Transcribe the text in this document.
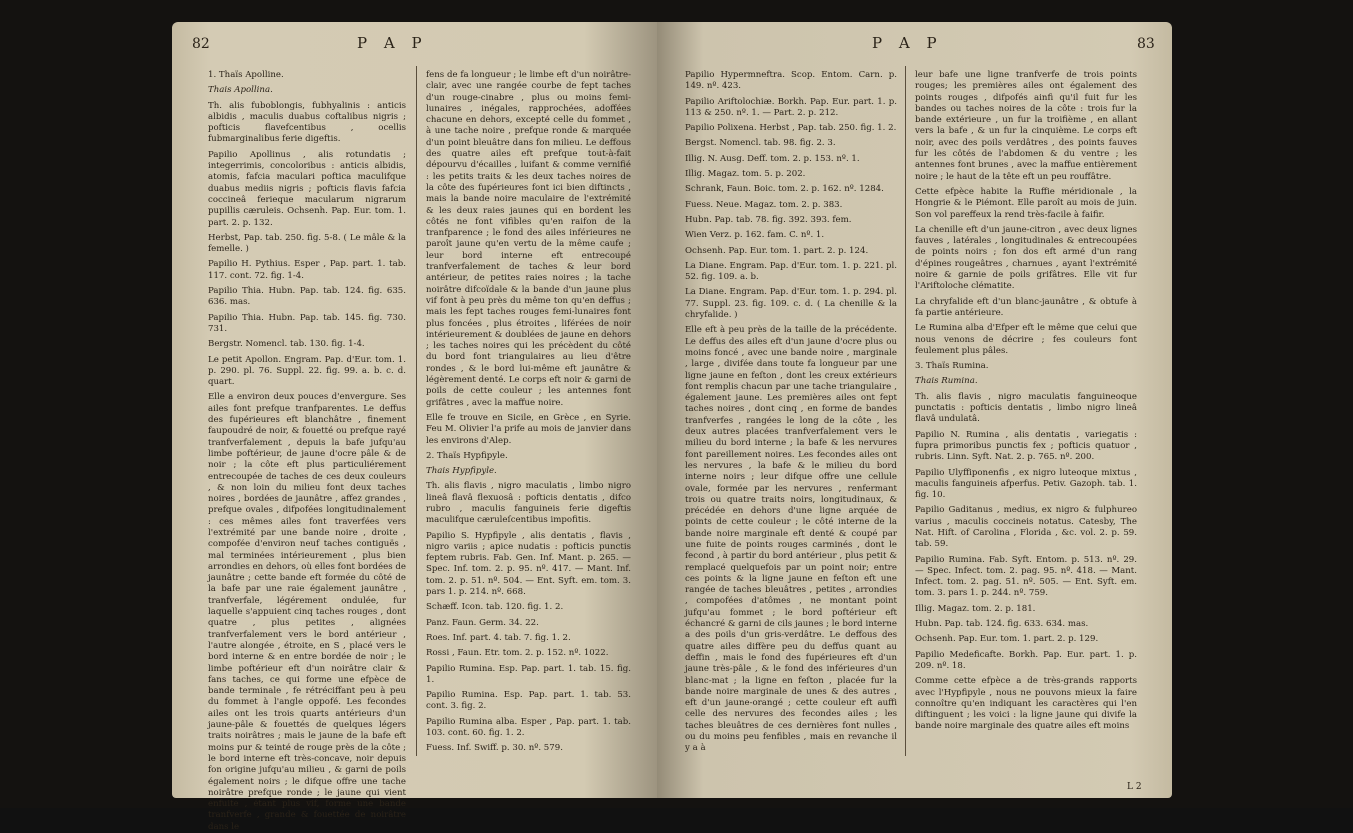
82	P A P

1. Thaïs Apolline.

Thais Apollina.

Th. alis fuboblongis, fubhyalinis : anticis albidis , maculis duabus coftalibus nigris ; pofticis flavefcentibus , ocellis fubmarginalibus ferie digeftis.

Papilio Apollinus , alis rotundatis ; integerrimis, concoloribus : anticis albidis, atomis, fafcia maculari poftica maculifque duabus mediis nigris ; pofticis flavis fafcia coccineâ ferieque macularum nigrarum pupillis cæruleis. Ochsenh. Pap. Eur. tom. 1. part. 2. p. 132.

Herbst, Pap. tab. 250. fig. 5-8. ( Le mâle & la femelle. )

Papilio H. Pythius. Esper , Pap. part. 1. tab. 117. cont. 72. fig. 1-4.

Papilio Thia. Hubn. Pap. tab. 124. fig. 635. 636. mas.

Papilio Thia. Hubn. Pap. tab. 145. fig. 730. 731.

Bergstr. Nomencl. tab. 130. fig. 1-4.

Le petit Apollon. Engram. Pap. d'Eur. tom. 1. p. 290. pl. 76. Suppl. 22. fig. 99. a. b. c. d. quart.

Elle a environ deux pouces d'envergure. Ses ailes font prefque tranfparentes. Le deffus des fupérieures eft blanchâtre , finement faupoudré de noir, & fouetté ou prefque rayé tranfverfalement , depuis la bafe jufqu'au limbe poftérieur, de jaune d'ocre pâle & de noir ; la côte eft plus particuliérement entrecoupée de taches de ces deux couleurs , & non loin du milieu font deux taches noires , bordées de jaunâtre , affez grandes , prefque ovales , difpofées longitudinalement : ces mêmes ailes font traverfées vers l'extrémité par une bande noire , droite , compofée d'environ neuf taches contiguës , mal terminées intérieurement , plus bien arrondies en dehors, où elles font bordées de jaunâtre ; cette bande eft formée du côté de la bafe par une raie également jaunâtre , tranfverfale, légérement ondulée, fur laquelle s'appuient cinq taches rouges , dont quatre , plus petites , alignées tranfverfalement vers le bord antérieur , l'autre alongée , étroite, en S , placé vers le bord interne & en entre bordée de noir ; le limbe poftérieur eft d'un noirâtre clair & fans taches, ce qui forme une efpèce de bande terminale , fe rétréciffant peu à peu du fommet à l'angle oppofé. Les fecondes ailes ont les trois quarts antérieurs d'un jaune-pâle & fouettés de quelques légers traits noirâtres ; mais le jaune de la bafe eft moins pur & teinté de rouge près de la côte ; le bord interne eft très-concave, noir depuis fon origine jufqu'au milieu , & garni de poils également noirs ; le difque offre une tache noirâtre prefque ronde ; le jaune qui vient enfuite , étant plus vif, forme une bande tranfverfe , grande & fouettée de noirâtre dans le

fens de fa longueur ; le limbe eft d'un noirâtre-clair, avec une rangée courbe de fept taches d'un rouge-cinabre , plus ou moins femi-lunaires , inégales, rapprochées, adoffées chacune en dehors, excepté celle du fommet , à une tache noire , prefque ronde & marquée d'un point bleuâtre dans fon milieu. Le deffous des quatre ailes eft prefque tout-à-fait dépourvu d'écailles , luifant & comme vernifié : les petits traits & les deux taches noires de la côte des fupérieures font ici bien diftincts , mais la bande noire maculaire de l'extrémité & les deux raies jaunes qui en bordent les côtés ne font vifibles qu'en raifon de la tranfparence ; le fond des ailes inférieures ne paroît jaune qu'en vertu de la même caufe ; leur bord interne eft entrecoupé tranfverfalement de taches & leur bord antérieur, de petites raies noires ; la tache noirâtre difcoïdale & la bande d'un jaune plus vif font à peu près du même ton qu'en deffus ; mais les fept taches rouges femi-lunaires font plus foncées , plus étroites , liférées de noir intérieurement & doublées de jaune en dehors ; les taches noires qui les précèdent du côté du bord font triangulaires au lieu d'être rondes , & le bord lui-même eft jaunâtre & légèrement denté. Le corps eft noir & garni de poils de cette couleur ; les antennes font grifâtres , avec la maffue noire.

Elle fe trouve en Sicile, en Grèce , en Syrie. Feu M. Olivier l'a prife au mois de janvier dans les environs d'Alep.

2. Thaïs Hypfipyle.

Thais Hypfipyle.

Th. alis flavis , nigro maculatis , limbo nigro lineâ flavâ flexuosâ : pofticis dentatis , difco rubro , maculis fanguineis ferie digeftis maculifque cæruleſcentibus impofitis.

Papilio S. Hypfipyle , alis dentatis , flavis , nigro variis ; apice nudatis : pofticis punctis feptem rubris. Fab. Gen. Inf. Mant. p. 265. — Spec. Inf. tom. 2. p. 95. nº. 417. — Mant. Inf. tom. 2. p. 51. nº. 504. — Ent. Syft. em. tom. 3. pars 1. p. 214. nº. 668.

Schæff. Icon. tab. 120. fig. 1. 2.

Panz. Faun. Germ. 34. 22.

Roes. Inf. part. 4. tab. 7. fig. 1. 2.

Rossi , Faun. Etr. tom. 2. p. 152. nº. 1022.

Papilio Rumina. Esp. Pap. part. 1. tab. 15. fig. 1.

Papilio Rumina. Esp. Pap. part. 1. tab. 53. cont. 3. fig. 2.

Papilio Rumina alba. Esper , Pap. part. 1. tab. 103. cont. 60. fig. 1. 2.

Fuess. Inf. Swiff. p. 30. nº. 579.

P A P	83

Papilio Hypermneftra. Scop. Entom. Carn. p. 149. nº. 423.

Papilio Ariftolochiæ. Borkh. Pap. Eur. part. 1. p. 113 & 250. nº. 1. — Part. 2. p. 212.

Papilio Polixena. Herbst , Pap. tab. 250. fig. 1. 2.

Bergst. Nomencl. tab. 98. fig. 2. 3.

Illig. N. Ausg. Deff. tom. 2. p. 153. nº. 1.

Illig. Magaz. tom. 5. p. 202.

Schrank, Faun. Boic. tom. 2. p. 162. nº. 1284.

Fuess. Neue. Magaz. tom. 2. p. 383.

Hubn. Pap. tab. 78. fig. 392. 393. fem.

Wien Verz. p. 162. fam. C. nº. 1.

Ochsenh. Pap. Eur. tom. 1. part. 2. p. 124.

La Diane. Engram. Pap. d'Eur. tom. 1. p. 221. pl. 52. fig. 109. a. b.

La Diane. Engram. Pap. d'Eur. tom. 1. p. 294. pl. 77. Suppl. 23. fig. 109. c. d. ( La chenille & la chryfalide. )

Elle eft à peu près de la taille de la précédente. Le deffus des ailes eft d'un jaune d'ocre plus ou moins foncé , avec une bande noire , marginale , large , divifée dans toute fa longueur par une ligne jaune en feſton , dont les creux extérieurs font remplis chacun par une tache triangulaire , également jaune. Les premières ailes ont fept taches noires , dont cinq , en forme de bandes tranfverfes , rangées le long de la côte , les deux autres placées tranfverfalement vers le milieu du bord interne ; la bafe & les nervures font pareillement noires. Les fecondes ailes ont les nervures , la bafe & le milieu du bord interne noirs ; leur difque offre une cellule ovale, formée par les nervures , renfermant trois ou quatre traits noirs, longitudinaux, & précédée en dehors d'une ligne arquée de points de cette couleur ; le côté interne de la bande noire marginale eft denté & coupé par une fuite de points rouges carminés , dont le fecond , à partir du bord antérieur , plus petit & remplacé quelquefois par un point noir; entre ces points & la ligne jaune en feſton eft une rangée de taches bleuâtres , petites , arrondies , compofées d'atômes , ne montant point jufqu'au fommet ; le bord poftérieur eft échancré & garni de cils jaunes ; le bord interne a des poils d'un gris-verdâtre. Le deffous des quatre ailes diffère peu du deffus quant au deffin , mais le fond des fupérieures eft d'un jaune très-pâle , & le fond des inférieures d'un blanc-mat ; la ligne en feſton , placée fur la bande noire marginale de unes & des autres , eft d'un jaune-orangé ; cette couleur eft auffi celle des nervures des fecondes ailes ; les taches bleuâtres de ces dernières font nulles , ou du moins peu fenfibles , mais en revanche il y a à

leur bafe une ligne tranfverfe de trois points rouges; les premières ailes ont également des points rouges , difpofés ainfi qu'il fuit fur les bandes ou taches noires de la côte : trois fur la bande extérieure , un fur la troifième , en allant vers la bafe , & un fur la cinquième. Le corps eft noir, avec des poils verdâtres , des points fauves fur les côtés de l'abdomen & du ventre ; les antennes font brunes , avec la maffue entièrement noire ; le haut de la tête eft un peu rouffâtre.

Cette efpèce habite la Ruffie méridionale , la Hongrie & le Piémont. Elle paroît au mois de juin. Son vol pareffeux la rend très-facile à faifir.

La chenille eft d'un jaune-citron , avec deux lignes fauves , latérales , longitudinales & entrecoupées de points noirs ; fon dos eft armé d'un rang d'épines rougeâtres , charnues , ayant l'extrémité noire & garnie de poils grifâtres. Elle vit fur l'Ariftoloche clématite.

La chryfalide eft d'un blanc-jaunâtre , & obtufe à fa partie antérieure.

Le Rumina alba d'Efper eft le même que celui que nous venons de décrire ; fes couleurs font feulement plus pâles.

3. Thaïs Rumina.

Thais Rumina.

Th. alis flavis , nigro maculatis fanguineoque punctatis : pofticis dentatis , limbo nigro lineâ flavâ undulatâ.

Papilio N. Rumina , alis dentatis , variegatis : fupra primoribus punctis fex ; pofticis quatuor , rubris. Linn. Syft. Nat. 2. p. 765. nº. 200.

Papilio Ulyffiponenfis , ex nigro luteoque mixtus , maculis fanguineis afperfus. Petiv. Gazoph. tab. 1. fig. 10.

Papilio Gaditanus , medius, ex nigro & fulphureo varius , maculis coccineis notatus. Catesby, The Nat. Hift. of Carolina , Florida , &c. vol. 2. p. 59. tab. 59.

Papilio Rumina. Fab. Syft. Entom. p. 513. nº. 29. — Spec. Infect. tom. 2. pag. 95. nº. 418. — Mant. Infect. tom. 2. pag. 51. nº. 505. — Ent. Syft. em. tom. 3. pars 1. p. 244. nº. 759.

Illig. Magaz. tom. 2. p. 181.

Hubn. Pap. tab. 124. fig. 633. 634. mas.

Ochsenh. Pap. Eur. tom. 1. part. 2. p. 129.

Papilio Medeficafte. Borkh. Pap. Eur. part. 1. p. 209. nº. 18.

Comme cette efpèce a de très-grands rapports avec l'Hypfipyle , nous ne pouvons mieux la faire connoître qu'en indiquant les caractères qui l'en diftinguent ; les voici : la ligne jaune qui divife la bande noire marginale des quatre ailes eft moins

L 2
